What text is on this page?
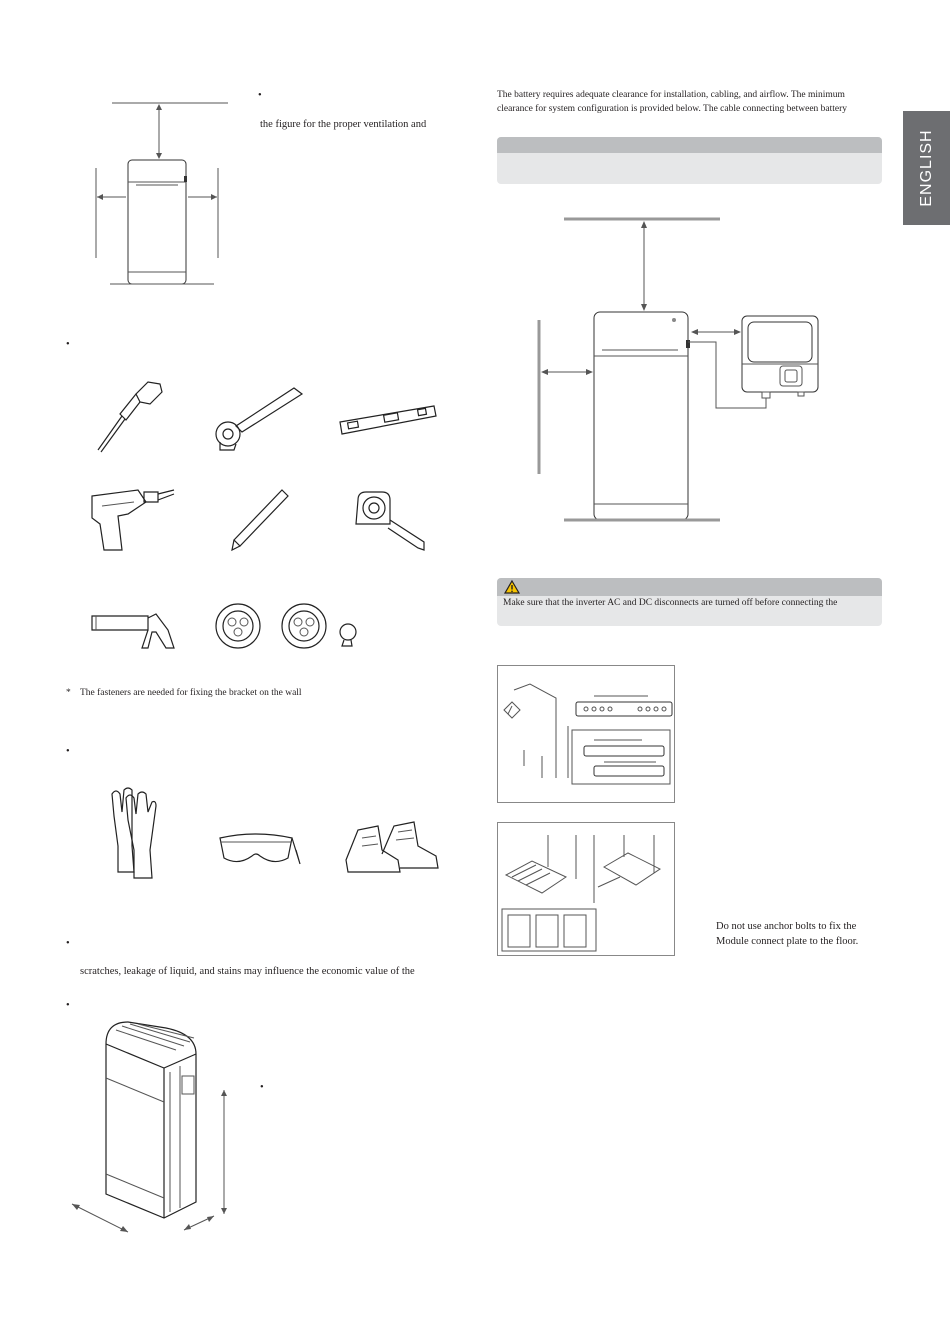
ENGLISH
•
the figure for the proper ventilation and
•
* The fasteners are needed for fixing the bracket on the wall
•
•
scratches, leakage of liquid, and stains may influence the economic value of the
•
•
The battery requires adequate clearance for installation, cabling, and airflow. The minimum
clearance for system configuration is provided below. The cable connecting between battery
Make sure that the inverter AC and DC disconnects are turned off before connecting the
Do not use anchor bolts to fix the
Module connect plate to the floor.
